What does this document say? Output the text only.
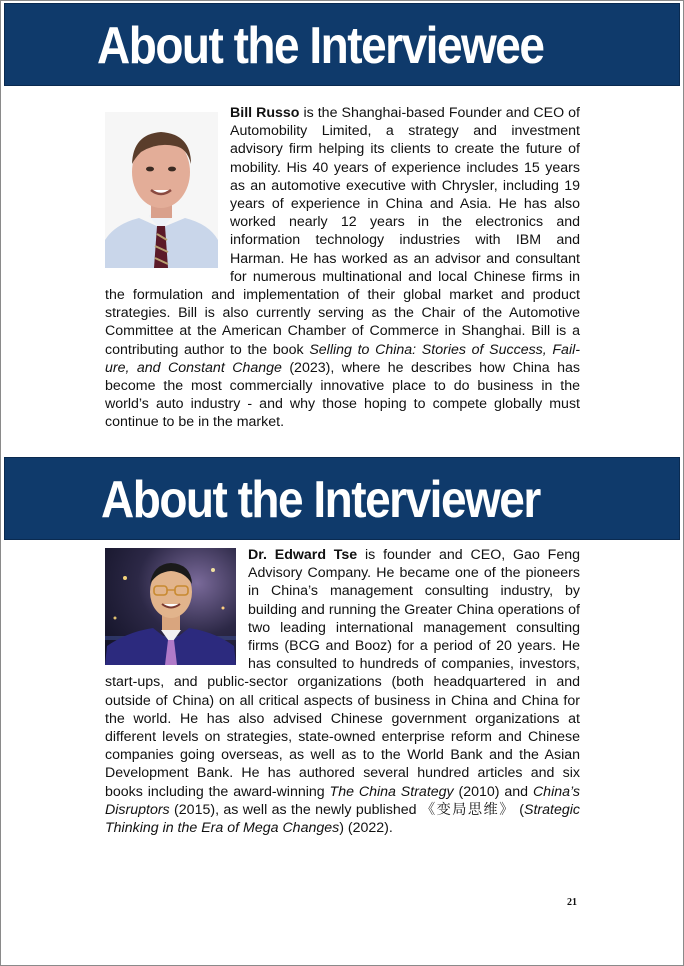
About the Interviewee
Bill Russo is the Shanghai-based Founder and CEO of Automobility Limited, a strategy and investment advisory firm helping its clients to create the future of mobility. His 40 years of experience includes 15 years as an automotive executive with Chrysler, including 19 years of experience in China and Asia. He has also worked nearly 12 years in the electronics and information technology industries with IBM and Harman. He has worked as an advisor and consultant for numerous multinational and local Chinese firms in the formulation and implementation of their global market and product strategies. Bill is also currently serving as the Chair of the Automotive Committee at the American Chamber of Commerce in Shanghai. Bill is a contributing author to the book Selling to China: Stories of Success, Failure, and Constant Change (2023), where he describes how China has become the most commercially innovative place to do business in the world’s auto industry - and why those hoping to compete globally must continue to be in the market.
About the Interviewer
Dr. Edward Tse is founder and CEO, Gao Feng Advisory Company. He became one of the pioneers in China’s management consulting industry, by building and running the Greater China operations of two leading international management consulting firms (BCG and Booz) for a period of 20 years. He has consulted to hundreds of companies, investors, start-ups, and public-sector organizations (both headquartered in and outside of China) on all critical aspects of business in China and China for the world. He has also advised Chinese government organizations at different levels on strategies, state-owned enterprise reform and Chinese companies going overseas, as well as to the World Bank and the Asian Development Bank. He has authored several hundred articles and six books including the award-winning The China Strategy (2010) and China’s Disruptors (2015), as well as the newly published 《变局思维》 (Strategic Thinking in the Era of Mega Changes) (2022).
21
